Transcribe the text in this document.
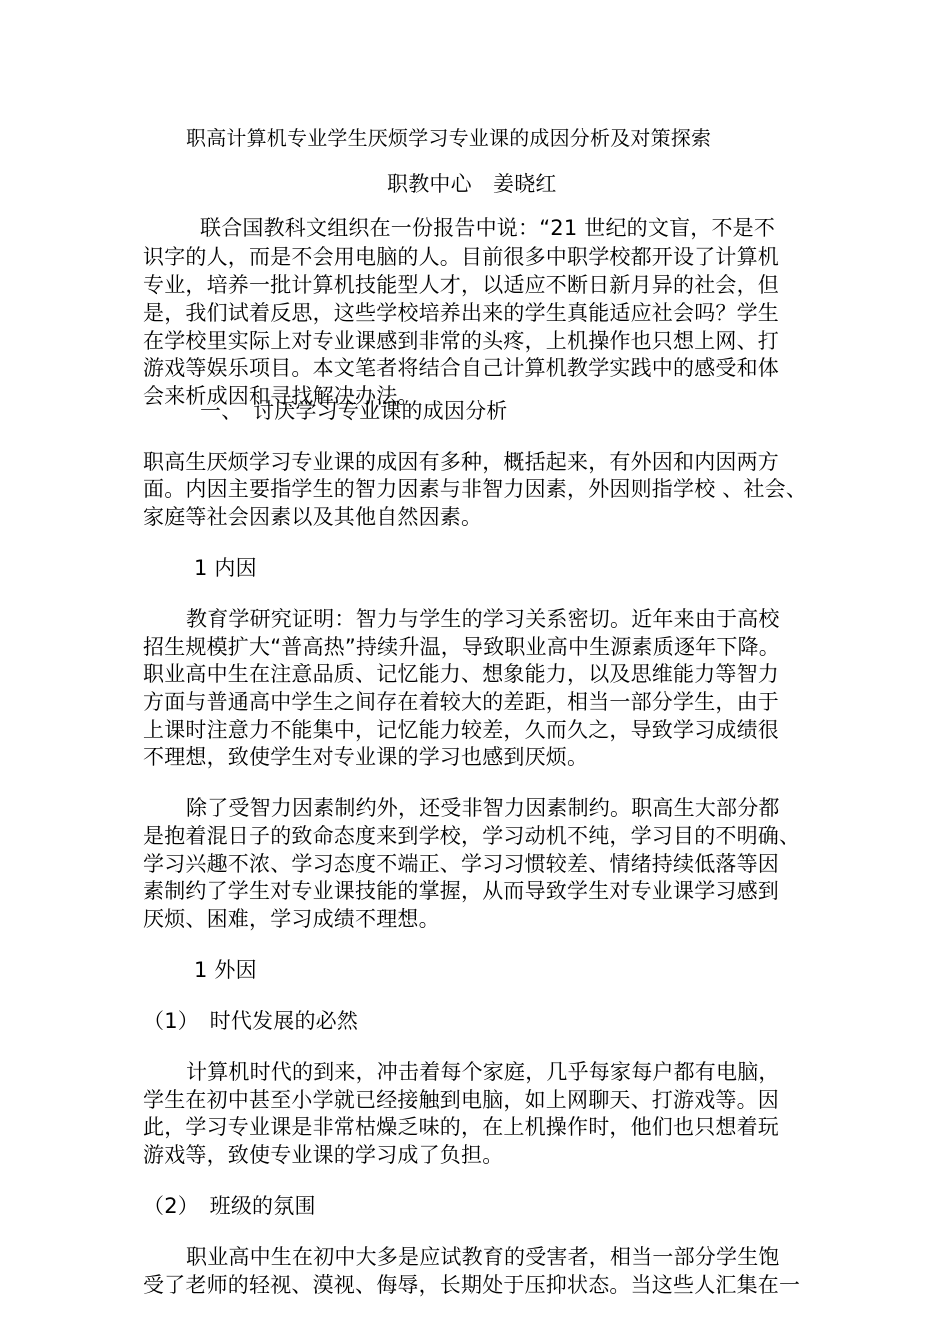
职高计算机专业学生厌烦学习专业课的成因分析及对策探索
职教中心　姜晓红
联合国教科文组织在一份报告中说：“21 世纪的文盲，不是不
识字的人，而是不会用电脑的人。目前很多中职学校都开设了计算机
专业，培养一批计算机技能型人才，以适应不断日新月异的社会，但
是，我们试着反思，这些学校培养出来的学生真能适应社会吗？学生
在学校里实际上对专业课感到非常的头疼，上机操作也只想上网、打
游戏等娱乐项目。本文笔者将结合自己计算机教学实践中的感受和体
会来析成因和寻找解决办法。
一、　讨厌学习专业课的成因分析
职高生厌烦学习专业课的成因有多种，概括起来，有外因和内因两方
面。内因主要指学生的智力因素与非智力因素，外因则指学校 、社会、
家庭等社会因素以及其他自然因素。
1 内因
教育学研究证明：智力与学生的学习关系密切。近年来由于高校
招生规模扩大“普高热”持续升温，导致职业高中生源素质逐年下降。
职业高中生在注意品质、记忆能力、想象能力，以及思维能力等智力
方面与普通高中学生之间存在着较大的差距，相当一部分学生，由于
上课时注意力不能集中，记忆能力较差，久而久之，导致学习成绩很
不理想，致使学生对专业课的学习也感到厌烦。
除了受智力因素制约外，还受非智力因素制约。职高生大部分都
是抱着混日子的致命态度来到学校，学习动机不纯，学习目的不明确、
学习兴趣不浓、学习态度不端正、学习习惯较差、情绪持续低落等因
素制约了学生对专业课技能的掌握，从而导致学生对专业课学习感到
厌烦、困难，学习成绩不理想。
1 外因
（1）　时代发展的必然
计算机时代的到来，冲击着每个家庭，几乎每家每户都有电脑，
学生在初中甚至小学就已经接触到电脑，如上网聊天、打游戏等。因
此，学习专业课是非常枯燥乏味的，在上机操作时，他们也只想着玩
游戏等，致使专业课的学习成了负担。
（2）　班级的氛围
职业高中生在初中大多是应试教育的受害者，相当一部分学生饱
受了老师的轻视、漠视、侮辱，长期处于压抑状态。当这些人汇集在一
